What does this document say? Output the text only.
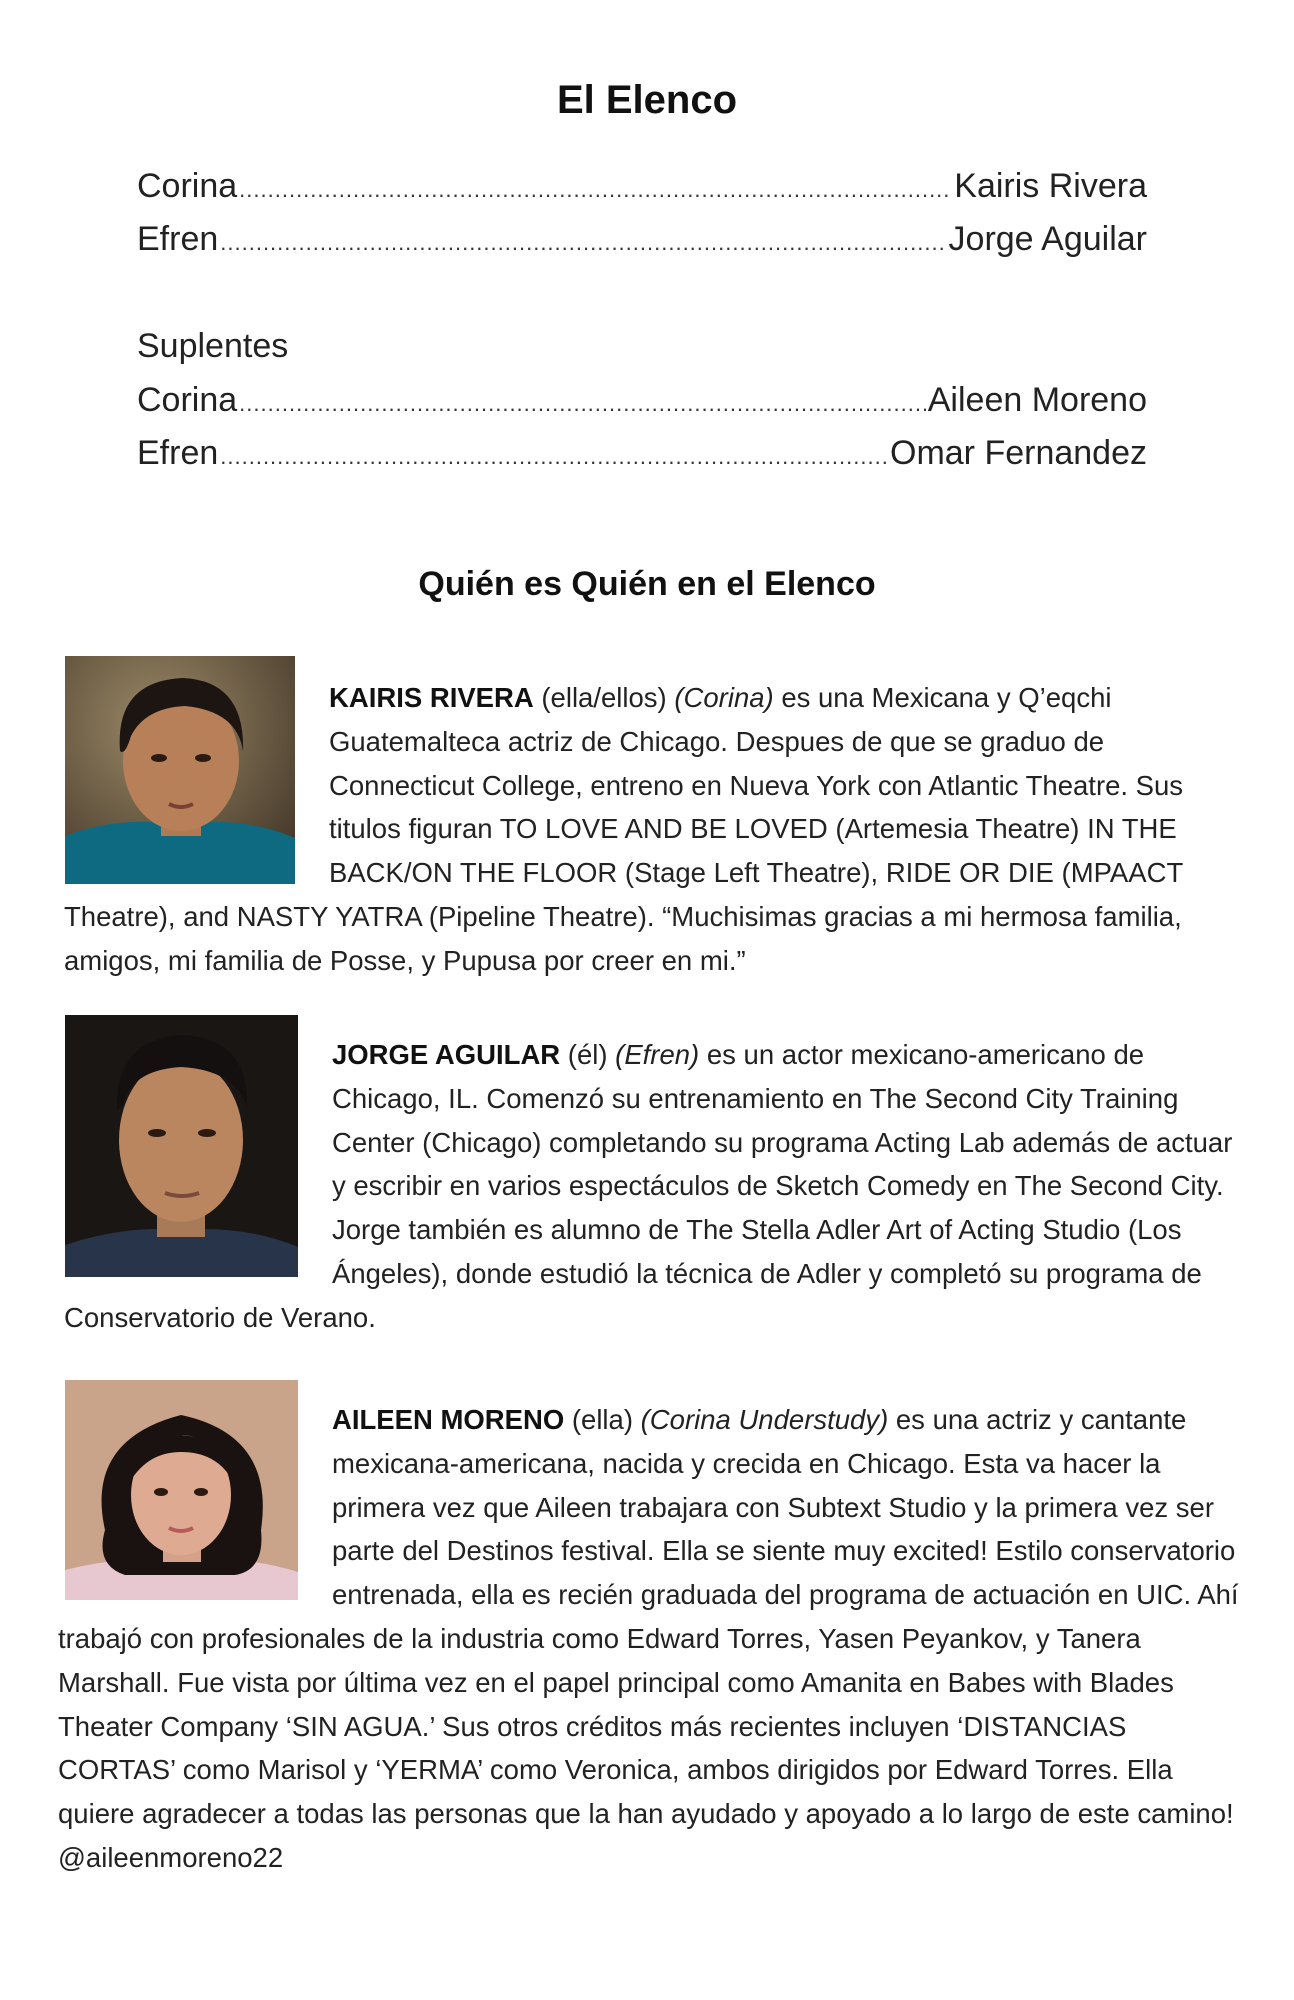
El Elenco
Corina .....	Kairis Rivera
Efren .....	Jorge Aguilar
Suplentes
Corina .....	Aileen Moreno
Efren .....	Omar Fernandez
Quién es Quién en el Elenco
KAIRIS RIVERA (ella/ellos) (Corina) es una Mexicana y Q’eqchi Guatemalteca actriz de Chicago. Despues de que se graduo de Connecticut College, entreno en Nueva York con Atlantic Theatre. Sus titulos figuran TO LOVE AND BE LOVED (Artemesia Theatre) IN THE BACK/ON THE FLOOR (Stage Left Theatre), RIDE OR DIE (MPAACT Theatre), and NASTY YATRA (Pipeline Theatre). “Muchisimas gracias a mi hermosa familia, amigos, mi familia de Posse, y Pupusa por creer en mi.”
JORGE AGUILAR (él) (Efren) es un actor mexicano-americano de Chicago, IL. Comenzó su entrenamiento en The Second City Training Center (Chicago) completando su programa Acting Lab además de actuar y escribir en varios espectáculos de Sketch Comedy en The Second City. Jorge también es alumno de The Stella Adler Art of Acting Studio (Los Ángeles), donde estudió la técnica de Adler y completó su programa de Conservatorio de Verano.
AILEEN MORENO (ella) (Corina Understudy) es una actriz y cantante mexicana-americana, nacida y crecida en Chicago. Esta va hacer la primera vez que Aileen trabajara con Subtext Studio y la primera vez ser parte del Destinos festival. Ella se siente muy excited! Estilo conservatorio entrenada, ella es recién graduada del programa de actuación en UIC. Ahí trabajó con profesionales de la industria como Edward Torres, Yasen Peyankov, y Tanera Marshall. Fue vista por última vez en el papel principal como Amanita en Babes with Blades Theater Company ‘SIN AGUA.’ Sus otros créditos más recientes incluyen ‘DISTANCIAS CORTAS’ como Marisol y ‘YERMA’ como Veronica, ambos dirigidos por Edward Torres. Ella quiere agradecer a todas las personas que la han ayudado y apoyado a lo largo de este camino! @aileenmoreno22
